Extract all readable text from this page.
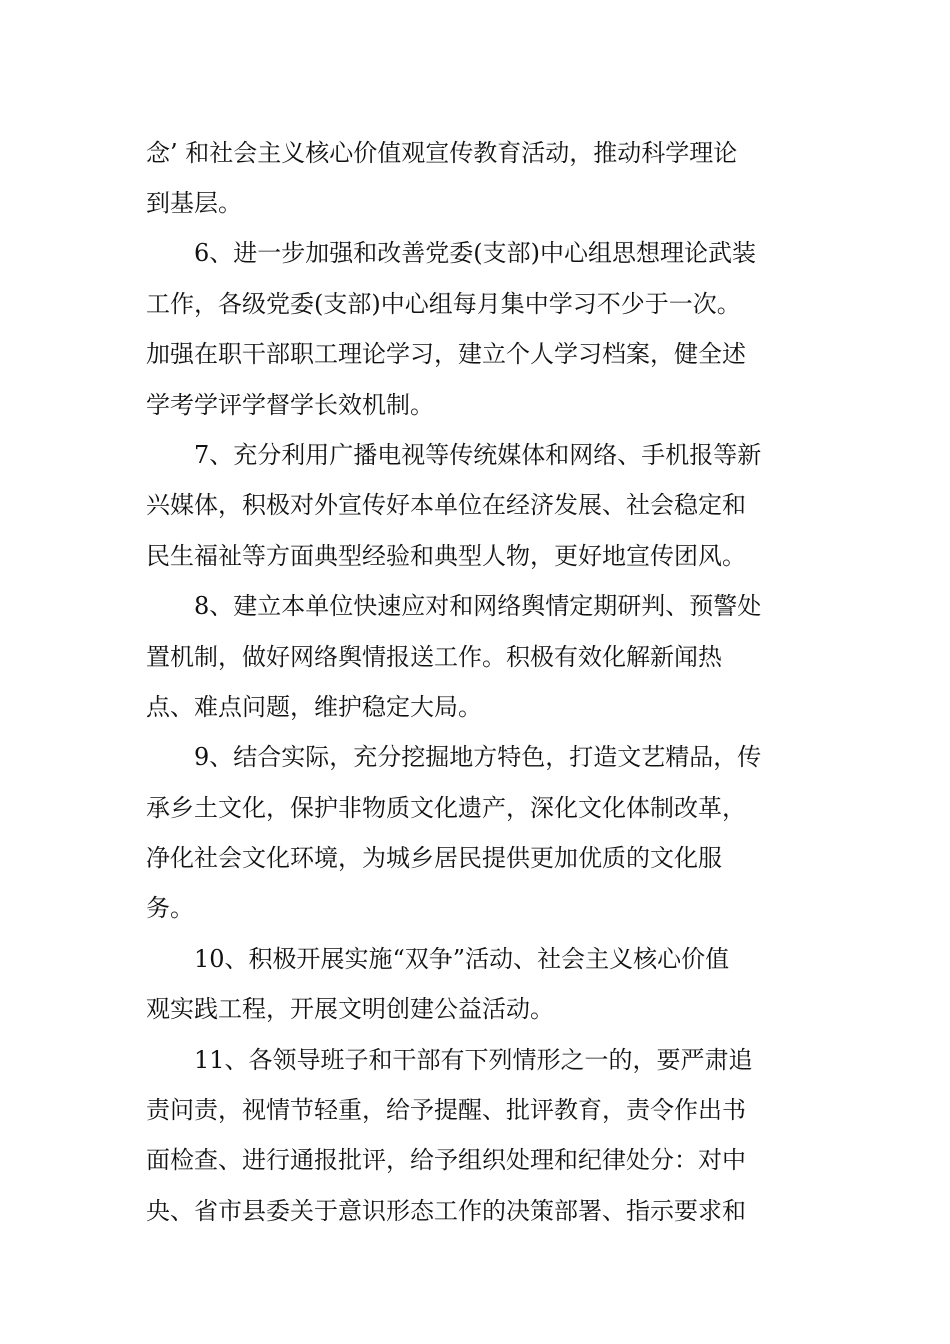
念’ 和社会主义核心价值观宣传教育活动，推动科学理论
到基层。
6、进一步加强和改善党委(支部)中心组思想理论武装
工作，各级党委(支部)中心组每月集中学习不少于一次。
加强在职干部职工理论学习，建立个人学习档案，健全述
学考学评学督学长效机制。
7、充分利用广播电视等传统媒体和网络、手机报等新
兴媒体，积极对外宣传好本单位在经济发展、社会稳定和
民生福祉等方面典型经验和典型人物，更好地宣传团风。
8、建立本单位快速应对和网络舆情定期研判、预警处
置机制，做好网络舆情报送工作。积极有效化解新闻热
点、难点问题，维护稳定大局。
9、结合实际，充分挖掘地方特色，打造文艺精品，传
承乡土文化，保护非物质文化遗产，深化文化体制改革，
净化社会文化环境，为城乡居民提供更加优质的文化服
务。
10、积极开展实施“双争”活动、社会主义核心价值
观实践工程，开展文明创建公益活动。
11、各领导班子和干部有下列情形之一的，要严肃追
责问责，视情节轻重，给予提醒、批评教育，责令作出书
面检查、进行通报批评，给予组织处理和纪律处分：对中
央、省市县委关于意识形态工作的决策部署、指示要求和
